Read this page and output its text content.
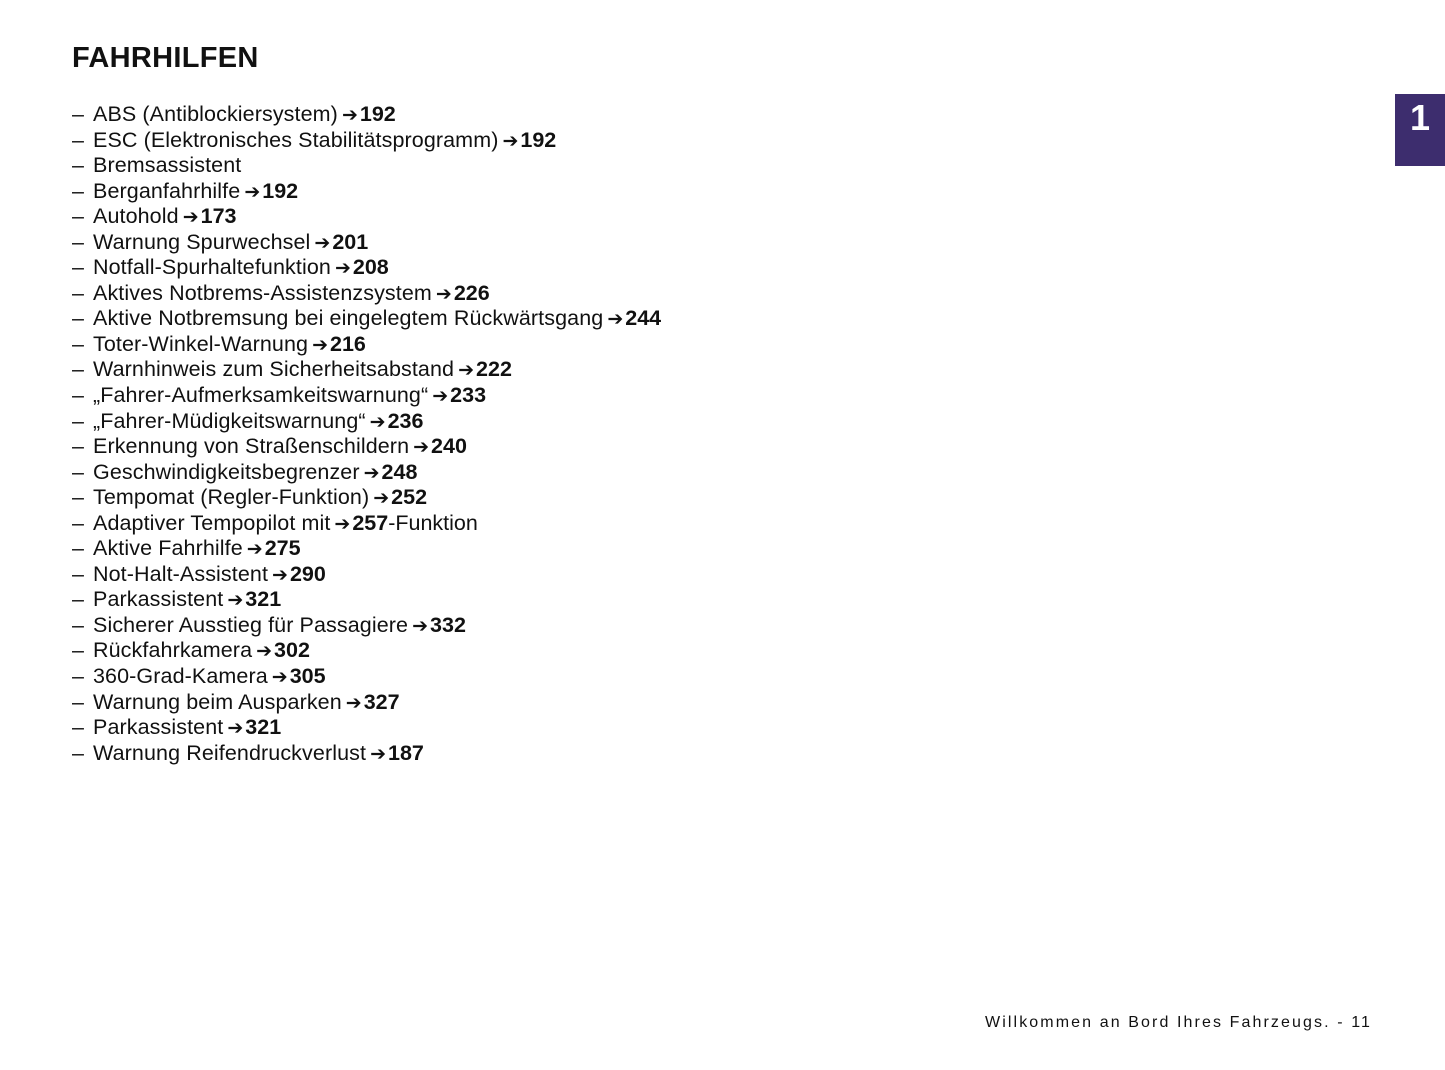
FAHRHILFEN
– ABS (Antiblockiersystem) ➔ 192
– ESC (Elektronisches Stabilitätsprogramm) ➔ 192
– Bremsassistent
– Berganfahrhilfe ➔ 192
– Autohold ➔ 173
– Warnung Spurwechsel ➔ 201
– Notfall-Spurhaltefunktion ➔ 208
– Aktives Notbrems-Assistenzsystem ➔ 226
– Aktive Notbremsung bei eingelegtem Rückwärtsgang ➔ 244
– Toter-Winkel-Warnung ➔ 216
– Warnhinweis zum Sicherheitsabstand ➔ 222
– „Fahrer-Aufmerksamkeitswarnung“ ➔ 233
– „Fahrer-Müdigkeitswarnung“ ➔ 236
– Erkennung von Straßenschildern ➔ 240
– Geschwindigkeitsbegrenzer ➔ 248
– Tempomat (Regler-Funktion) ➔ 252
– Adaptiver Tempopilot mit ➔ 257 -Funktion
– Aktive Fahrhilfe ➔ 275
– Not-Halt-Assistent ➔ 290
– Parkassistent ➔ 321
– Sicherer Ausstieg für Passagiere ➔ 332
– Rückfahrkamera ➔ 302
– 360-Grad-Kamera ➔ 305
– Warnung beim Ausparken ➔ 327
– Parkassistent ➔ 321
– Warnung Reifendruckverlust ➔ 187
1
Willkommen an Bord Ihres Fahrzeugs. - 11
